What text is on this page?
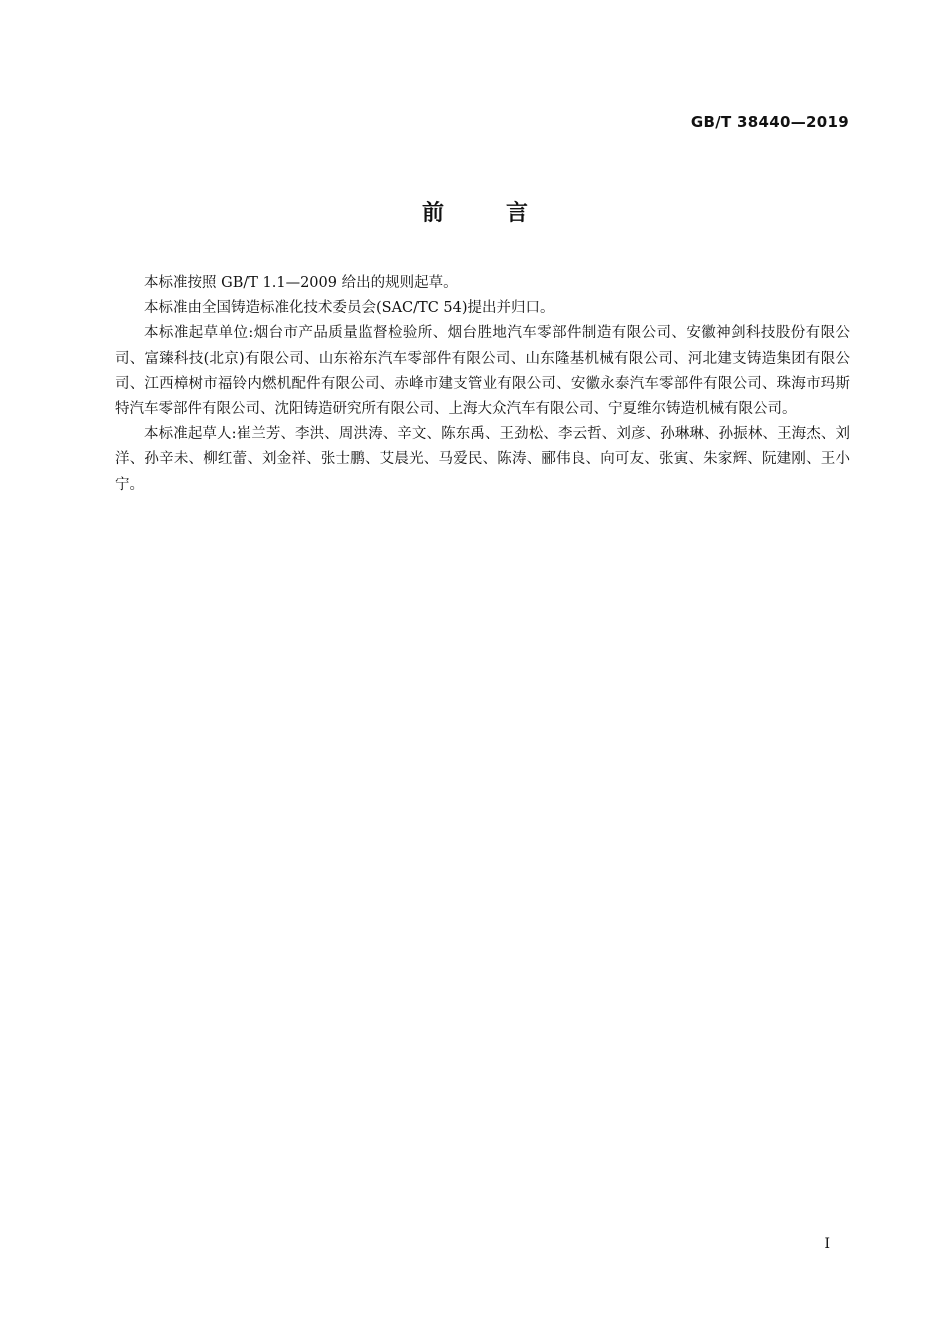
GB/T 38440—2019
前言

本标准按照 GB/T 1.1—2009 给出的规则起草。

本标准由全国铸造标准化技术委员会(SAC/TC 54)提出并归口。

本标准起草单位:烟台市产品质量监督检验所、烟台胜地汽车零部件制造有限公司、安徽神剑科技股份有限公司、富臻科技(北京)有限公司、山东裕东汽车零部件有限公司、山东隆基机械有限公司、河北建支铸造集团有限公司、江西樟树市福铃内燃机配件有限公司、赤峰市建支管业有限公司、安徽永泰汽车零部件有限公司、珠海市玛斯特汽车零部件有限公司、沈阳铸造研究所有限公司、上海大众汽车有限公司、宁夏维尔铸造机械有限公司。

本标准起草人:崔兰芳、李洪、周洪涛、辛文、陈东禹、王劲松、李云哲、刘彦、孙琳琳、孙振林、王海杰、刘洋、孙辛未、柳红蕾、刘金祥、张士鹏、艾晨光、马爱民、陈涛、郦伟良、向可友、张寅、朱家辉、阮建刚、王小宁。

I
